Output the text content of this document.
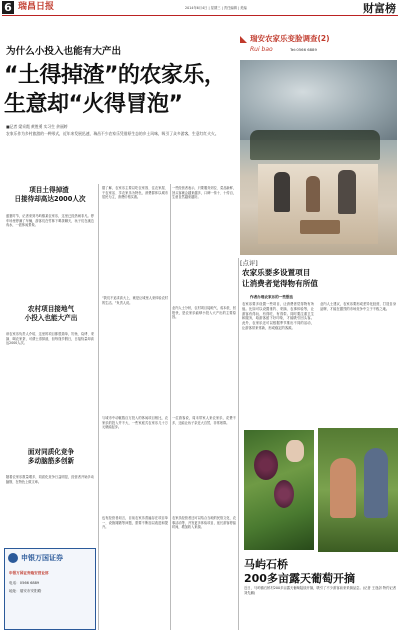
6 瑞昌日报	2014年6月4日 | 星期三 | 责任编辑 | 美编	财富榜
为什么小投入也能有大产出
“土得掉渣”的农家乐，
生意却“火得冒泡”
■记者 梁采霞 黄胜勇 实习生 余丽婷
农家乐作为乡村旅游的一种形式，近年来发展迅速，瑞昌不少农家乐凭借原生态的乡土风味，吸引了众多游客，生意红红火火。
瑞安农家乐变脸调查(2)
Rui bao	Tel:0566 6889
[点评]
农家乐要多设置项目
让消费者觉得物有所值
作者办理农家乐的一些想法
农家乐要多设置一些项目，让消费者觉得物有所值。比如可以设置垂钓、采摘、农事体验等，让游客有得玩、有得吃、有得带。同时要注重卫生和服务，给游客留下好印象，才能吸引回头客。此外，农家乐还可以根据季节推出不同的活动，让游客常来常新，形成稳定的客源。
业内人士建议，农家乐要形成差异化经营，打造自身品牌，才能在激烈的市场竞争中立于不败之地。
马屿石桥
200多亩露天葡萄开摘
近日，马屿镇石桥村200多亩露天葡萄陆续开摘，吸引了不少游客前来采摘品尝。(记者 王逸剑 特约记者 刘先鹏)
项目土得掉渣
日接待却高达2000人次
盛夏时节，记者来到马屿镇某农家乐，这里已经热闹非凡。停车场里停满了车辆，游客们在竹林下喝茶聊天，孩子们在溪边戏水，一派休闲景象。
农村项目接地气
小投入也能大产出
该农家乐负责人介绍，这里的项目都很简单，钓鱼、烧烤、采摘、喝农家茶，可谓土得掉渣，但每逢节假日，日接待量却高达2000人次。
面对同质化竞争
多动脑筋多创新
随着农家乐数量增多，同质化竞争日益明显，经营者开始多动脑筋，在特色上做文章。
申银万国证券
申银万国证券瑞安营业部
电话：0566 6889
地址：瑞安市安阳路
据了解，农家乐主要以吃农家饭、住农家屋、干农家活、享农家乐为特色，消费群体以城市居民为主，消费价格实惠。
“我们不追求高大上，就是让城里人来体验农村的生活。”负责人说。
与城市中动辄数百万投入的休闲项目相比，农家乐的投入并不大，一些家庭式农家乐几十万元就能起步。
也有经营者坦言，目前农家乐普遍存在项目单一、设施简陋等问题，需要不断加以改进和提升。
一些经营者表示，只要服务到位、菜品新鲜，回头客就会越来越多，口碑一传十、十传百，生意自然越来越好。
业内人士分析，农村项目接地气，成本低、回报快，是农家乐能够小投入大产出的主要原因。
一位游客说，周末带家人来农家乐，花费不多，还能让孩子亲近大自然，非常划算。
农家乐经营者还可以结合当地的民俗文化、农事活动等，开发更多体验项目，延长游客停留时间，增加收入来源。
